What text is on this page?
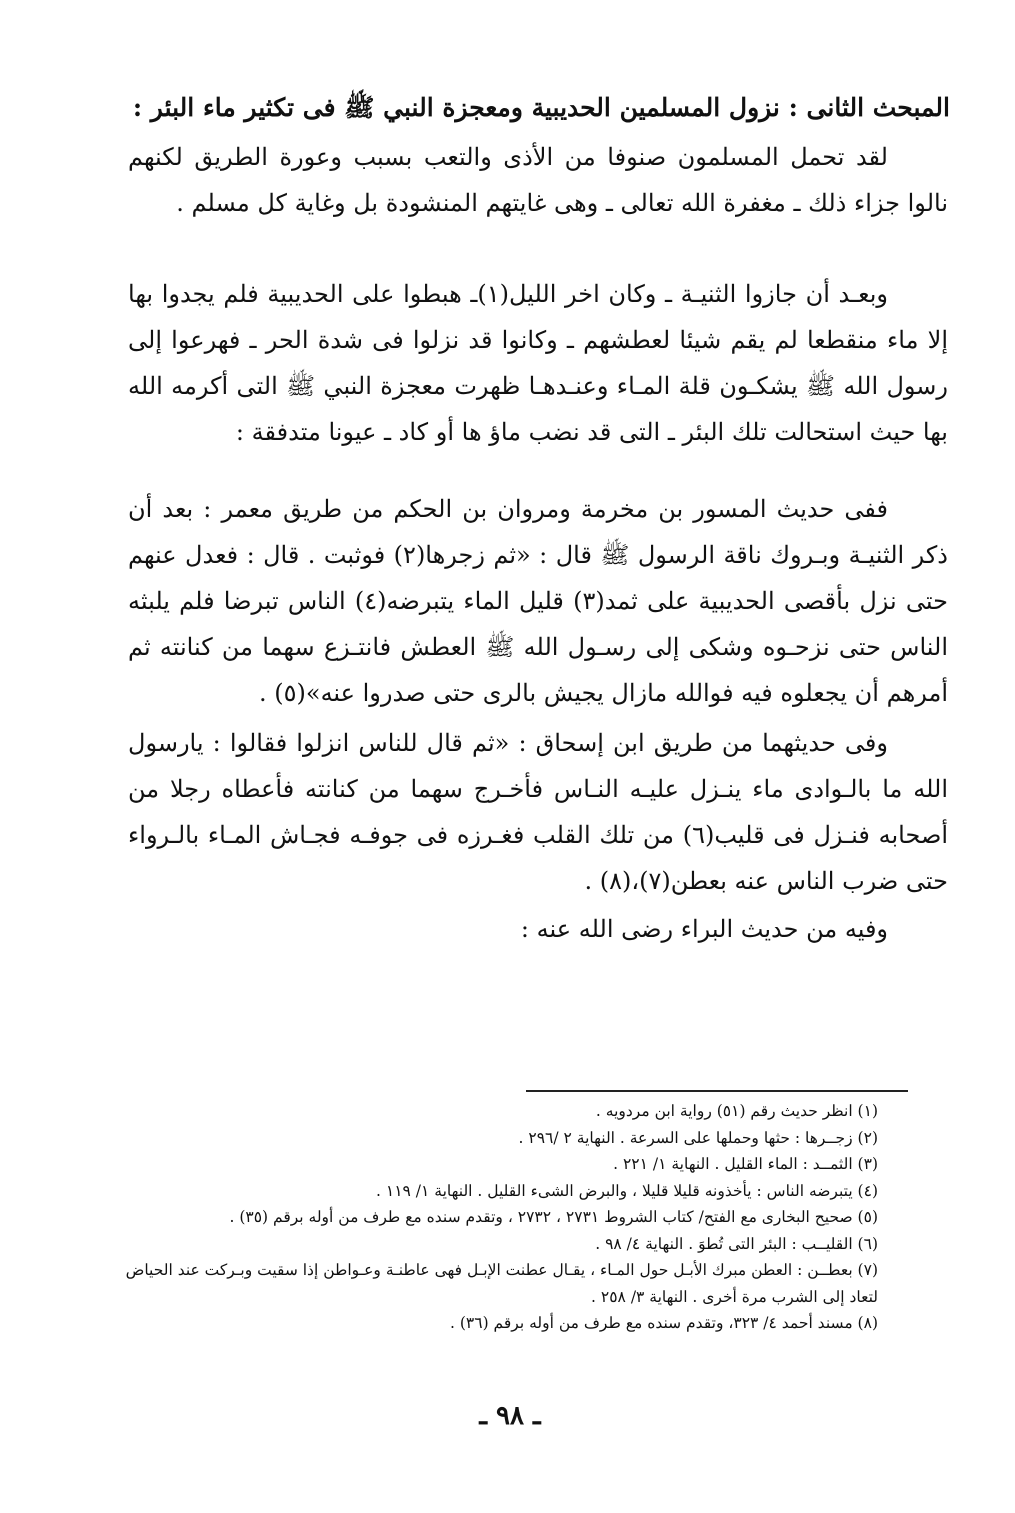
المبحث الثانى : نزول المسلمين الحديبية ومعجزة النبي ﷺ فى تكثير ماء البئر :

لقد تحمل المسلمون صنوفا من الأذى والتعب بسبب وعورة الطريق لكنهم نالوا جزاء ذلك ـ مغفرة الله تعالى ـ وهى غايتهم المنشودة بل وغاية كل مسلم .

وبعـد أن جازوا الثنيـة ـ وكان اخر الليل(١)ـ هبطوا على الحديبية فلم يجدوا بها إلا ماء منقطعا لم يقم شيئا لعطشهم ـ وكانوا قد نزلوا فى شدة الحر ـ فهرعوا إلى رسول الله ﷺ يشكـون قلة المـاء وعنـدهـا ظهرت معجزة النبي ﷺ التى أكرمه الله بها حيث استحالت تلك البئر ـ التى قد نضب ماؤ ها أو كاد ـ عيونا متدفقة :

ففى حديث المسور بن مخرمة ومروان بن الحكم من طريق معمر : بعد أن ذكر الثنيـة وبـروك ناقة الرسول ﷺ قال : «ثم زجرها(٢) فوثبت . قال : فعدل عنهم حتى نزل بأقصى الحديبية على ثمد(٣) قليل الماء يتبرضه(٤) الناس تبرضا فلم يلبثه الناس حتى نزحـوه وشكى إلى رسـول الله ﷺ العطش فانتـزع سهما من كنانته ثم أمرهم أن يجعلوه فيه فوالله مازال يجيش بالرى حتى صدروا عنه»(٥) .

وفى حديثهما من طريق ابن إسحاق : «ثم قال للناس انزلوا فقالوا : يارسول الله ما بالـوادى ماء ينـزل عليـه النـاس فأخـرج سهما من كنانته فأعطاه رجلا من أصحابه فنـزل فى قليب(٦) من تلك القلب فغـرزه فى جوفـه فجـاش المـاء بالـرواء حتى ضرب الناس عنه بعطن(٧)،(٨) .

وفيه من حديث البراء رضى الله عنه :

(١) انظر حديث رقم (٥١) رواية ابن مردويه .

(٢) زجــرها : حثها وحملها على السرعة . النهاية ٢ /٢٩٦ .

(٣) الثمــد : الماء القليل . النهاية ١/ ٢٢١ .

(٤) يتبرضه الناس : يأخذونه قليلا قليلا ، والبرض الشىء القليل . النهاية ١/ ١١٩ .

(٥) صحيح البخارى مع الفتح/ كتاب الشروط ٢٧٣١ ، ٢٧٣٢ ، وتقدم سنده مع طرف من أوله برقم (٣٥) .

(٦) القليــب : البئر التى تُطوَ . النهاية ٤/ ٩٨ .

(٧) بعطــن : العطن مبرك الأبـل حول المـاء ، يقـال عطنت الإبـل فهى عاطنـة وعـواطن إذا سقيت وبـركت عند الحياض لتعاد إلى الشرب مرة أخرى . النهاية ٣/ ٢٥٨ .

(٨) مسند أحمد ٤/ ٣٢٣، وتقدم سنده مع طرف من أوله برقم (٣٦) .

ـ ٩٨ ـ
